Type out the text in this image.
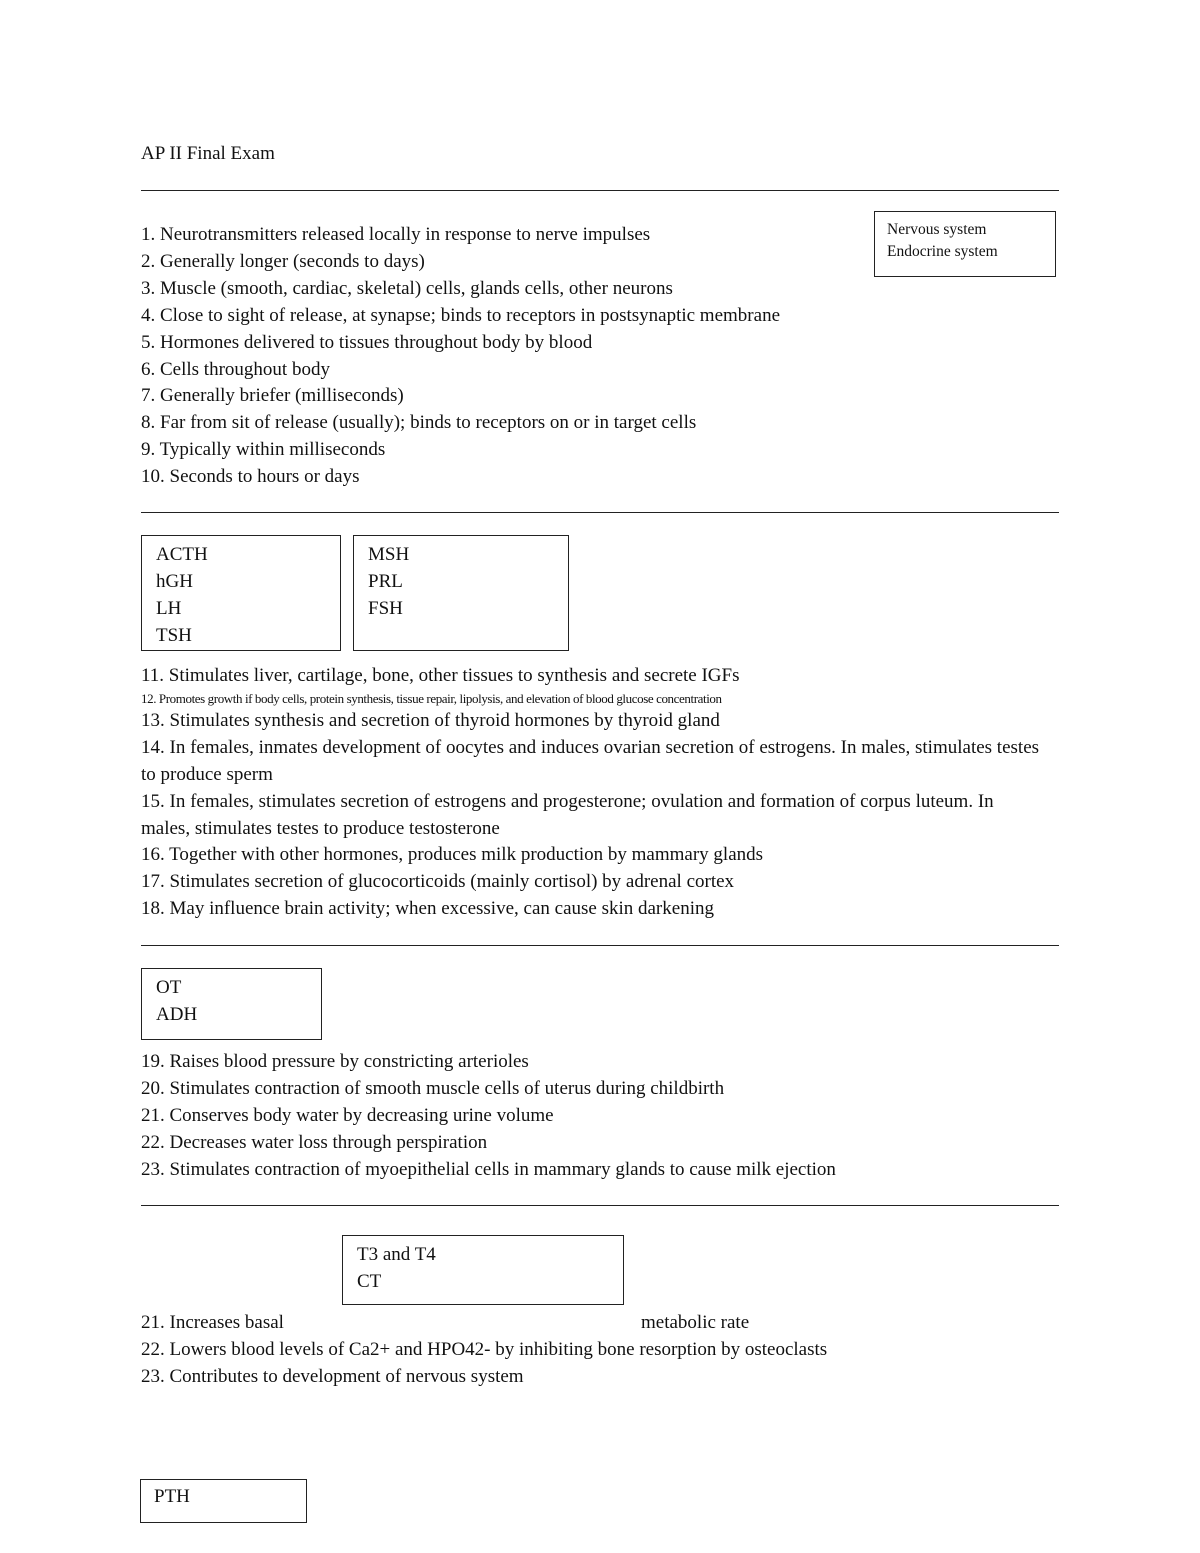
AP II Final Exam
Nervous system
Endocrine system
1. Neurotransmitters released locally in response to nerve impulses
2. Generally longer (seconds to days)
3. Muscle (smooth, cardiac, skeletal) cells, glands cells, other neurons
4. Close to sight of release, at synapse; binds to receptors in postsynaptic membrane
5. Hormones delivered to tissues throughout body by blood
6. Cells throughout body
7. Generally briefer (milliseconds)
8. Far from sit of release (usually); binds to receptors on or in target cells
9. Typically within milliseconds
10. Seconds to hours or days
ACTH
hGH
LH
TSH
MSH
PRL
FSH
11. Stimulates liver, cartilage, bone, other tissues to synthesis and secrete IGFs
12. Promotes growth if body cells, protein synthesis, tissue repair, lipolysis, and elevation of blood glucose concentration
13. Stimulates synthesis and secretion of thyroid hormones by thyroid gland
14. In females, inmates development of oocytes and induces ovarian secretion of estrogens. In males, stimulates testes to produce sperm
15. In females, stimulates secretion of estrogens and progesterone; ovulation and formation of corpus luteum. In males, stimulates testes to produce testosterone
16. Together with other hormones, produces milk production by mammary glands
17. Stimulates secretion of glucocorticoids (mainly cortisol) by adrenal cortex
18. May influence brain activity; when excessive, can cause skin darkening
OT
ADH
19. Raises blood pressure by constricting arterioles
20. Stimulates contraction of smooth muscle cells of uterus during childbirth
21. Conserves body water by decreasing urine volume
22. Decreases water loss through perspiration
23. Stimulates contraction of myoepithelial cells in mammary glands to cause milk ejection
T3 and T4
CT
21. Increases basal	metabolic rate
22. Lowers blood levels of Ca2+ and HPO42- by inhibiting bone resorption by osteoclasts
23. Contributes to development of nervous system
PTH
